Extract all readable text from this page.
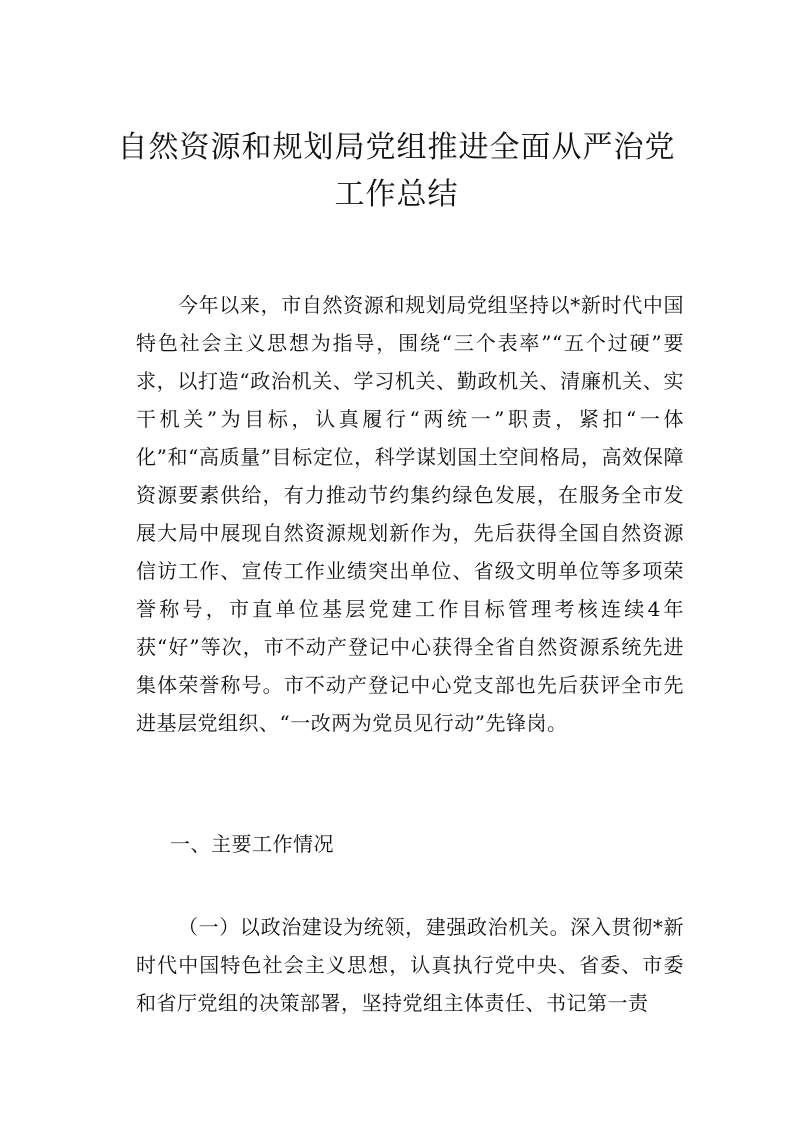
自然资源和规划局党组推进全面从严治党
工作总结

今年以来，市自然资源和规划局党组坚持以*新时代中国特色社会主义思想为指导，围绕“三个表率”“五个过硬”要求，以打造“政治机关、学习机关、勤政机关、清廉机关、实干机关”为目标，认真履行“两统一”职责，紧扣“一体化”和“高质量”目标定位，科学谋划国土空间格局，高效保障资源要素供给，有力推动节约集约绿色发展，在服务全市发展大局中展现自然资源规划新作为，先后获得全国自然资源信访工作、宣传工作业绩突出单位、省级文明单位等多项荣誉称号，市直单位基层党建工作目标管理考核连续4年获“好”等次，市不动产登记中心获得全省自然资源系统先进集体荣誉称号。市不动产登记中心党支部也先后获评全市先进基层党组织、“一改两为党员见行动”先锋岗。

一、主要工作情况

（一）以政治建设为统领，建强政治机关。深入贯彻*新时代中国特色社会主义思想，认真执行党中央、省委、市委和省厅党组的决策部署，坚持党组主体责任、书记第一责
